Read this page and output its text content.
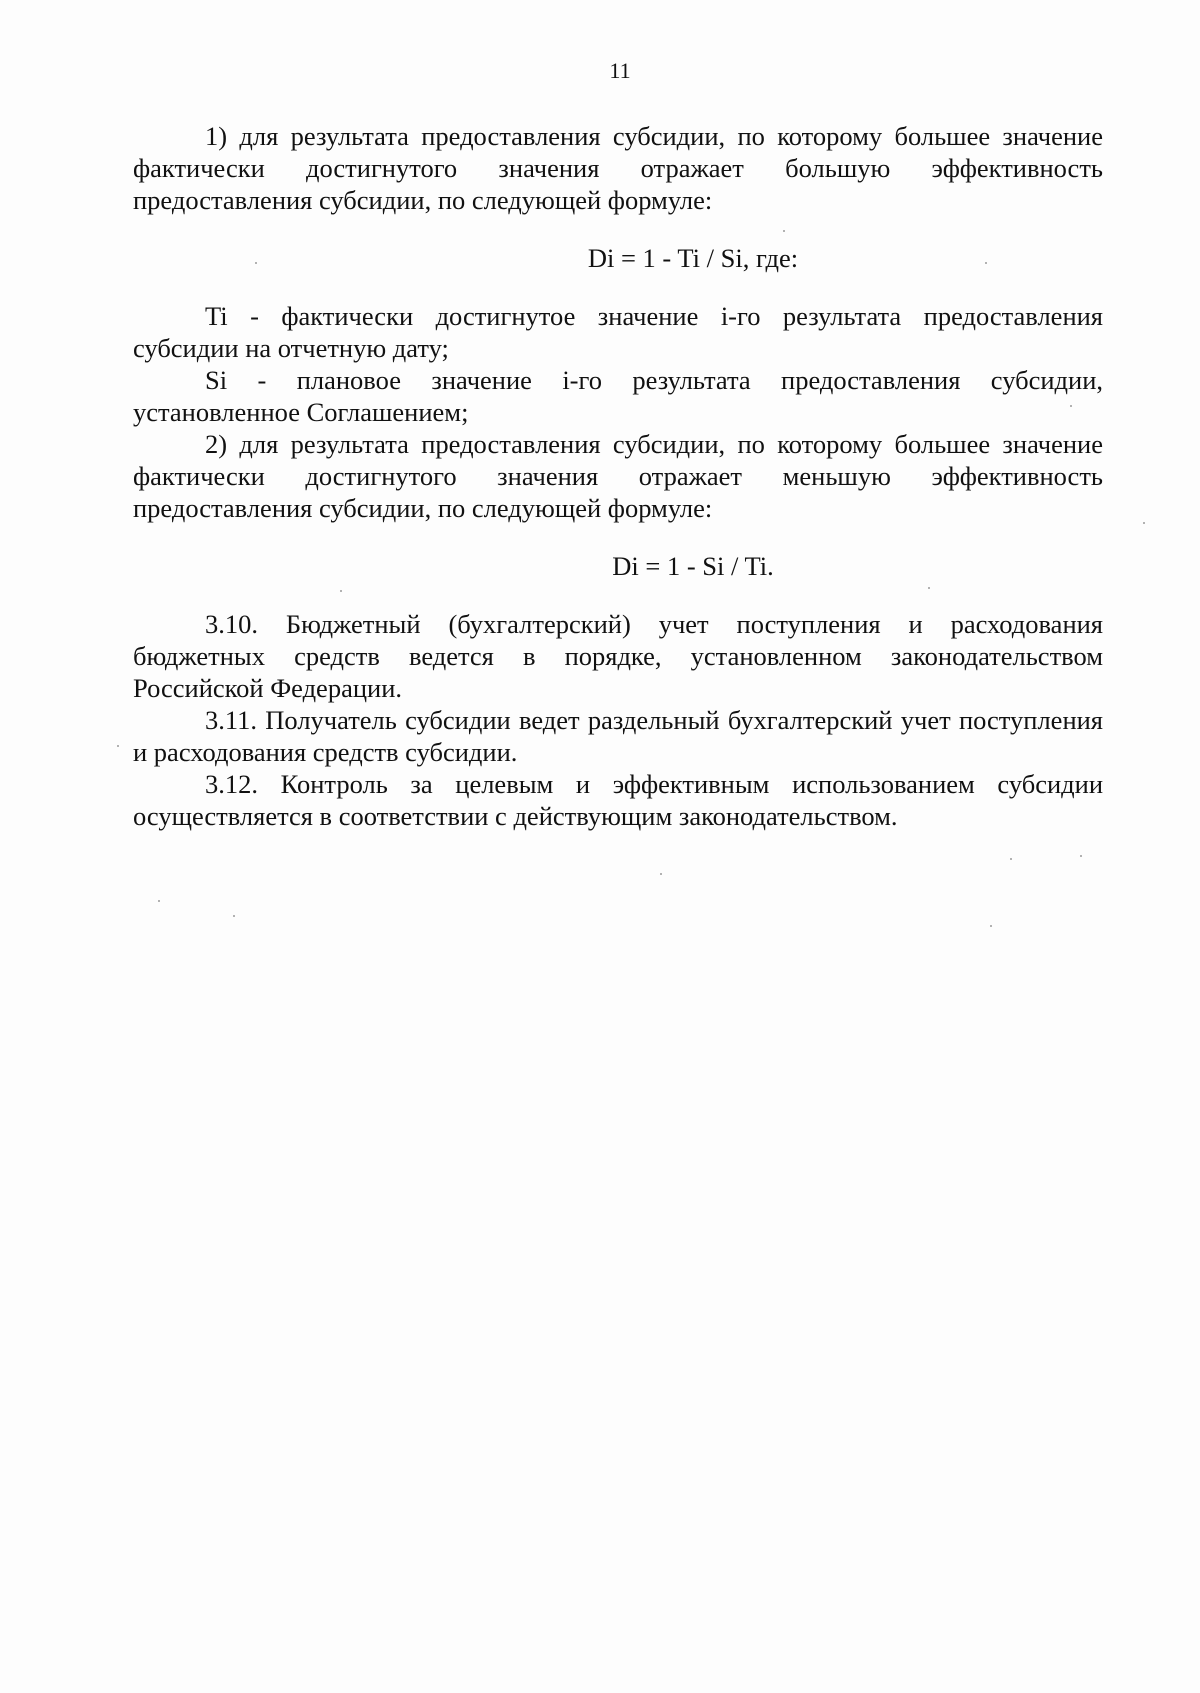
11

1) для результата предоставления субсидии, по которому большее значение фактически достигнутого значения отражает большую эффективность предоставления субсидии, по следующей формуле:

Di = 1 - Ti / Si, где:

Ti - фактически достигнутое значение i-го результата предоставления субсидии на отчетную дату;

Si - плановое значение i-го результата предоставления субсидии, установленное Соглашением;

2) для результата предоставления субсидии, по которому большее значение фактически достигнутого значения отражает меньшую эффективность предоставления субсидии, по следующей формуле:

Di = 1 - Si / Ti.

3.10. Бюджетный (бухгалтерский) учет поступления и расходования бюджетных средств ведется в порядке, установленном законодательством Российской Федерации.

3.11. Получатель субсидии ведет раздельный бухгалтерский учет поступления и расходования средств субсидии.

3.12. Контроль за целевым и эффективным использованием субсидии осуществляется в соответствии с действующим законодательством.
